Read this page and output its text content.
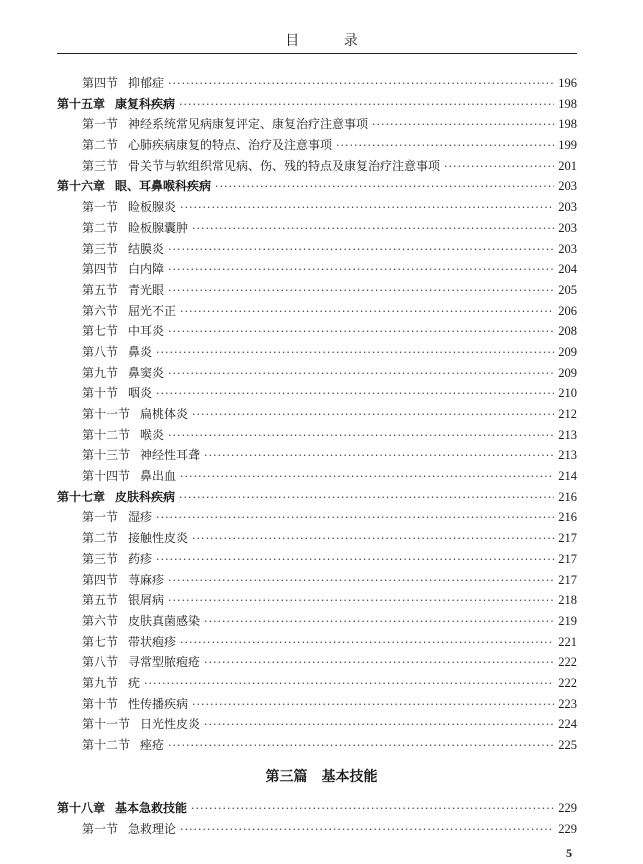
目 录
第四节 抑郁症 ·····	196
第十五章 康复科疾病 ·····	198
第一节 神经系统常见病康复评定、康复治疗注意事项 ·····	198
第二节 心肺疾病康复的特点、治疗及注意事项 ·····	199
第三节 骨关节与软组织常见病、伤、残的特点及康复治疗注意事项 ·····	201
第十六章 眼、耳鼻喉科疾病 ·····	203
第一节 睑板腺炎 ·····	203
第二节 睑板腺囊肿 ·····	203
第三节 结膜炎 ·····	203
第四节 白内障 ·····	204
第五节 青光眼 ·····	205
第六节 屈光不正 ·····	206
第七节 中耳炎 ·····	208
第八节 鼻炎 ·····	209
第九节 鼻窦炎 ·····	209
第十节 咽炎 ·····	210
第十一节 扁桃体炎 ·····	212
第十二节 喉炎 ·····	213
第十三节 神经性耳聋 ·····	213
第十四节 鼻出血 ·····	214
第十七章 皮肤科疾病 ·····	216
第一节 湿疹 ·····	216
第二节 接触性皮炎 ·····	217
第三节 药疹 ·····	217
第四节 荨麻疹 ·····	217
第五节 银屑病 ·····	218
第六节 皮肤真菌感染 ·····	219
第七节 带状疱疹 ·····	221
第八节 寻常型脓疱疮 ·····	222
第九节 疣 ·····	222
第十节 性传播疾病 ·····	223
第十一节 日光性皮炎 ·····	224
第十二节 痤疮 ·····	225
第三篇　基本技能
第十八章 基本急救技能 ·····	229
第一节 急救理论 ·····	229
5
